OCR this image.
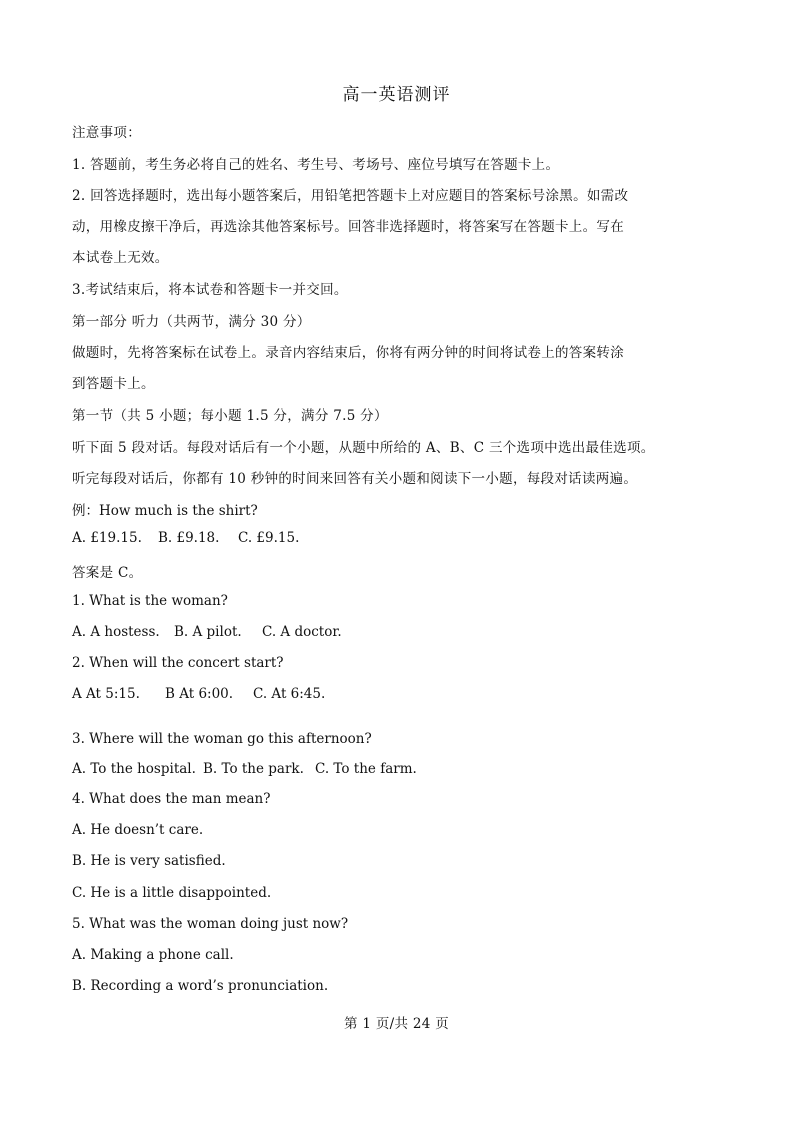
高一英语测评
注意事项：
1. 答题前，考生务必将自己的姓名、考生号、考场号、座位号填写在答题卡上。
2. 回答选择题时，选出每小题答案后，用铅笔把答题卡上对应题目的答案标号涂黑。如需改
动，用橡皮擦干净后，再选涂其他答案标号。回答非选择题时，将答案写在答题卡上。写在
本试卷上无效。
3.考试结束后，将本试卷和答题卡一并交回。
第一部分 听力（共两节，满分 30 分）
做题时，先将答案标在试卷上。录音内容结束后，你将有两分钟的时间将试卷上的答案转涂
到答题卡上。
第一节（共 5 小题；每小题 1.5 分，满分 7.5 分）
听下面 5 段对话。每段对话后有一个小题，从题中所给的 A、B、C 三个选项中选出最佳选项。
听完每段对话后，你都有 10 秒钟的时间来回答有关小题和阅读下一小题，每段对话读两遍。
例：How much is the shirt?
A. £19.15. B. £9.18. C. £9.15.
答案是 C。
1. What is the woman?
A. A hostess. B. A pilot. C. A doctor.
2. When will the concert start?
A At 5:15. B At 6:00. C. At 6:45.
3. Where will the woman go this afternoon?
A. To the hospital. B. To the park. C. To the farm.
4. What does the man mean?
A. He doesn’t care.
B. He is very satisfied.
C. He is a little disappointed.
5. What was the woman doing just now?
A. Making a phone call.
B. Recording a word’s pronunciation.
第 1 页/共 24 页
